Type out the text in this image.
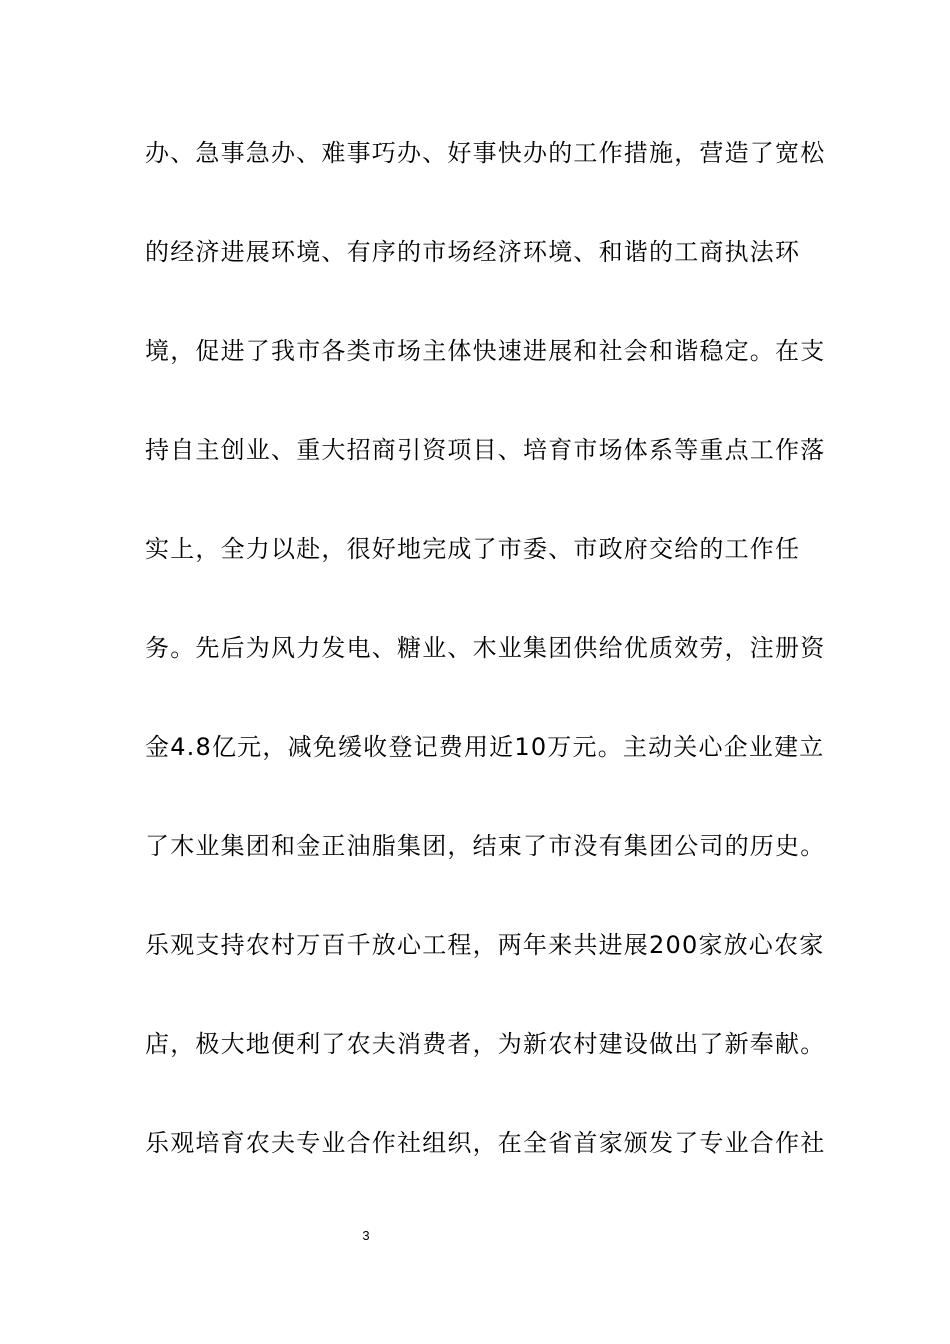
办、急事急办、难事巧办、好事快办的工作措施，营造了宽松
的经济进展环境、有序的市场经济环境、和谐的工商执法环
境，促进了我市各类市场主体快速进展和社会和谐稳定。在支
持自主创业、重大招商引资项目、培育市场体系等重点工作落
实上，全力以赴，很好地完成了市委、市政府交给的工作任
务。先后为风力发电、糖业、木业集团供给优质效劳，注册资
金4.8亿元，减免缓收登记费用近10万元。主动关心企业建立
了木业集团和金正油脂集团，结束了市没有集团公司的历史。
乐观支持农村万百千放心工程，两年来共进展200家放心农家
店，极大地便利了农夫消费者，为新农村建设做出了新奉献。
乐观培育农夫专业合作社组织，在全省首家颁发了专业合作社
3
